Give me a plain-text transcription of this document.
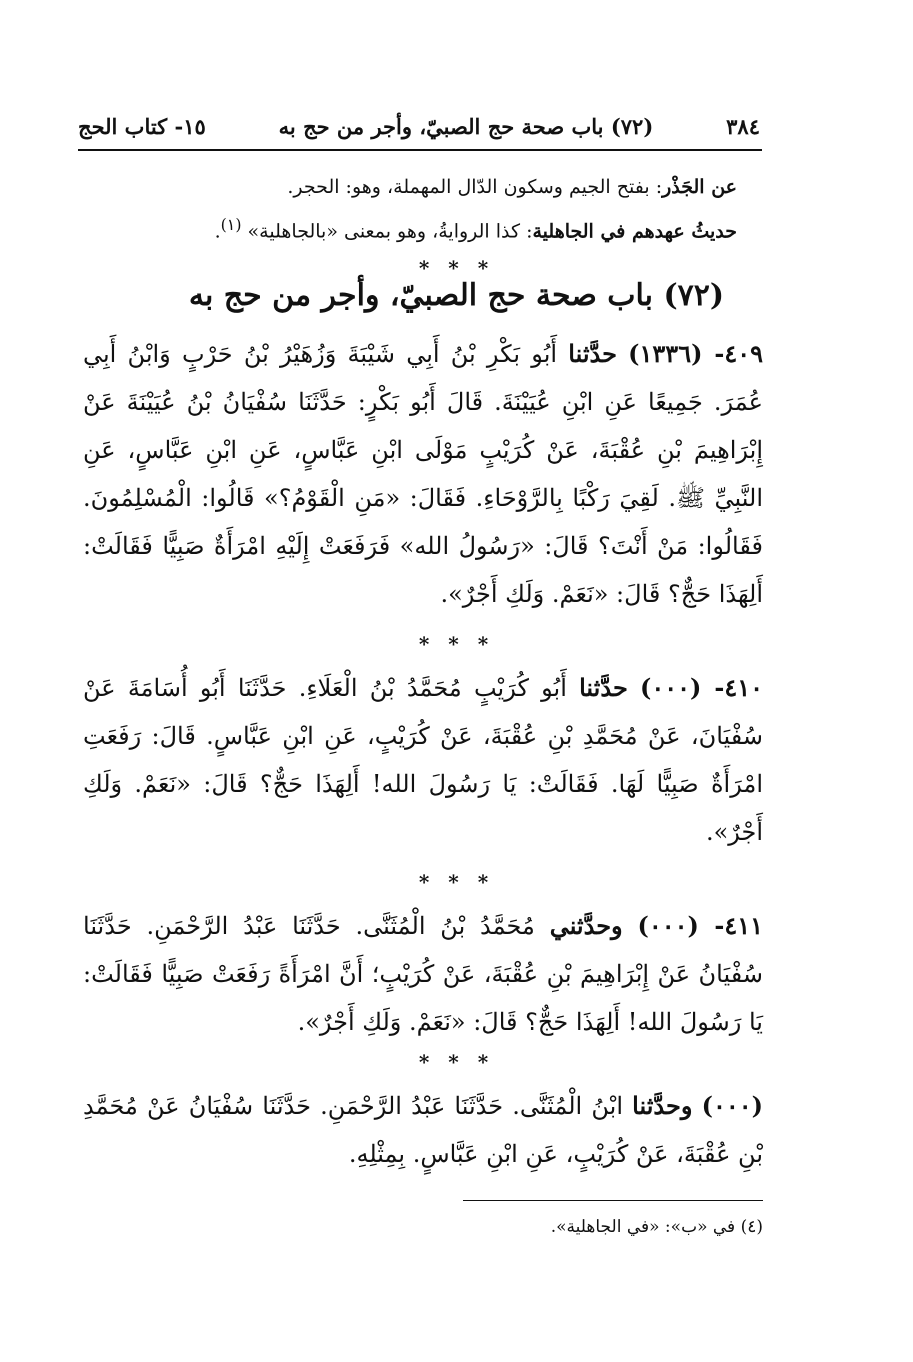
٣٨٤
(٧٢) باب صحة حج الصبيّ، وأجر من حج به
١٥- كتاب الحج
عن الجَذْر: بفتح الجيم وسكون الدّال المهملة، وهو: الحجر.
حديثُ عهدهم في الجاهلية: كذا الروايةُ، وهو بمعنى «بالجاهلية» $^{(١)}$.
* * *
(٧٢) باب صحة حج الصبيّ، وأجر من حج به
٤٠٩- (١٣٣٦) حدَّثنا أَبُو بَكْرِ بْنُ أَبِي شَيْبَةَ وَزُهَيْرُ بْنُ حَرْبٍ وَابْنُ أَبِي عُمَرَ. جَمِيعًا عَنِ ابْنِ عُيَيْنَةَ. قَالَ أَبُو بَكْرٍ: حَدَّثَنَا سُفْيَانُ بْنُ عُيَيْنَةَ عَنْ إِبْرَاهِيمَ بْنِ عُقْبَةَ، عَنْ كُرَيْبٍ مَوْلَى ابْنِ عَبَّاسٍ، عَنِ ابْنِ عَبَّاسٍ، عَنِ النَّبِيِّ ﷺ. لَقِيَ رَكْبًا بِالرَّوْحَاءِ. فَقَالَ: «مَنِ الْقَوْمُ؟» قَالُوا: الْمُسْلِمُونَ. فَقَالُوا: مَنْ أَنْتَ؟ قَالَ: «رَسُولُ الله» فَرَفَعَتْ إِلَيْهِ امْرَأَةٌ صَبِيًّا فَقَالَتْ: أَلِهَذَا حَجٌّ؟ قَالَ: «نَعَمْ. وَلَكِ أَجْرٌ».
* * *
٤١٠- (٠٠٠) حدَّثنا أَبُو كُرَيْبٍ مُحَمَّدُ بْنُ الْعَلَاءِ. حَدَّثَنَا أَبُو أُسَامَةَ عَنْ سُفْيَانَ، عَنْ مُحَمَّدِ بْنِ عُقْبَةَ، عَنْ كُرَيْبٍ، عَنِ ابْنِ عَبَّاسٍ. قَالَ: رَفَعَتِ امْرَأَةٌ صَبِيًّا لَهَا. فَقَالَتْ: يَا رَسُولَ الله! أَلِهَذَا حَجٌّ؟ قَالَ: «نَعَمْ. وَلَكِ أَجْرٌ».
* * *
٤١١- (٠٠٠) وحدَّثني مُحَمَّدُ بْنُ الْمُثَنَّى. حَدَّثَنَا عَبْدُ الرَّحْمَنِ. حَدَّثَنَا سُفْيَانُ عَنْ إِبْرَاهِيمَ بْنِ عُقْبَةَ، عَنْ كُرَيْبٍ؛ أَنَّ امْرَأَةً رَفَعَتْ صَبِيًّا فَقَالَتْ: يَا رَسُولَ الله! أَلِهَذَا حَجٌّ؟ قَالَ: «نَعَمْ. وَلَكِ أَجْرٌ».
* * *
(٠٠٠) وحدَّثنا ابْنُ الْمُثَنَّى. حَدَّثَنَا عَبْدُ الرَّحْمَنِ. حَدَّثَنَا سُفْيَانُ عَنْ مُحَمَّدِ بْنِ عُقْبَةَ، عَنْ كُرَيْبٍ، عَنِ ابْنِ عَبَّاسٍ. بِمِثْلِهِ.
(٤) في «ب»: «في الجاهلية».
